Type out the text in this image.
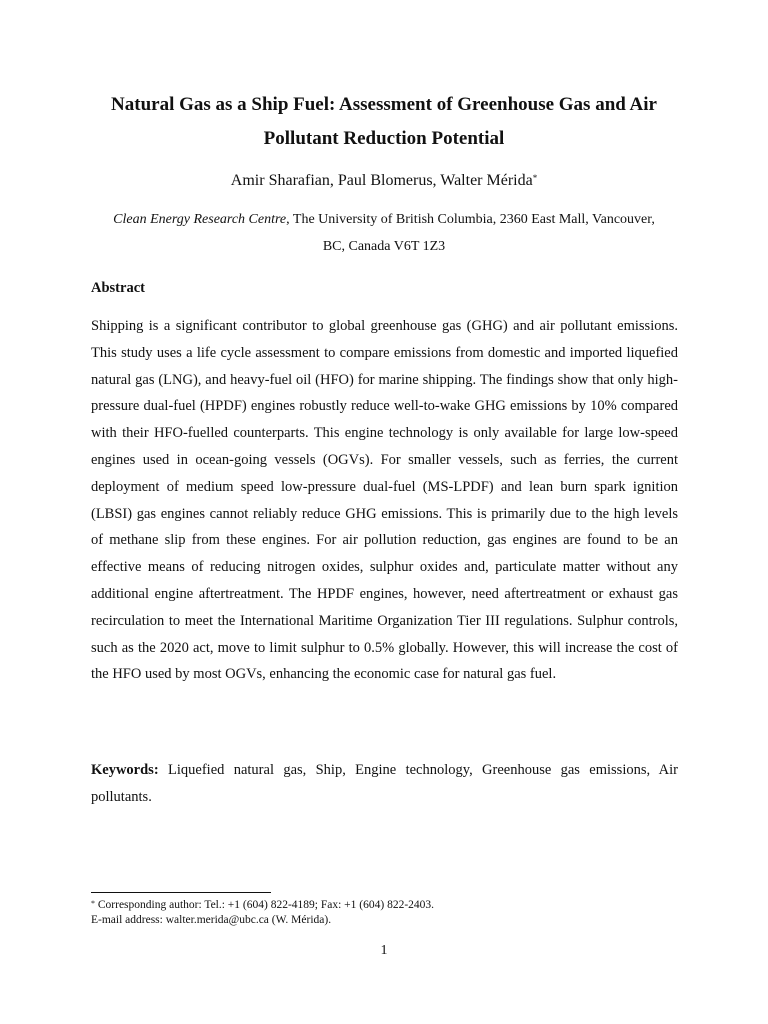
Natural Gas as a Ship Fuel: Assessment of Greenhouse Gas and Air
Pollutant Reduction Potential

Amir Sharafian, Paul Blomerus, Walter Mérida*

Clean Energy Research Centre, The University of British Columbia, 2360 East Mall, Vancouver,
BC, Canada V6T 1Z3

Abstract

Shipping is a significant contributor to global greenhouse gas (GHG) and air pollutant emissions. This study uses a life cycle assessment to compare emissions from domestic and imported liquefied natural gas (LNG), and heavy-fuel oil (HFO) for marine shipping. The findings show that only high-pressure dual-fuel (HPDF) engines robustly reduce well-to-wake GHG emissions by 10% compared with their HFO-fuelled counterparts. This engine technology is only available for large low-speed engines used in ocean-going vessels (OGVs). For smaller vessels, such as ferries, the current deployment of medium speed low-pressure dual-fuel (MS-LPDF) and lean burn spark ignition (LBSI) gas engines cannot reliably reduce GHG emissions. This is primarily due to the high levels of methane slip from these engines. For air pollution reduction, gas engines are found to be an effective means of reducing nitrogen oxides, sulphur oxides and, particulate matter without any additional engine aftertreatment. The HPDF engines, however, need aftertreatment or exhaust gas recirculation to meet the International Maritime Organization Tier III regulations. Sulphur controls, such as the 2020 act, move to limit sulphur to 0.5% globally. However, this will increase the cost of the HFO used by most OGVs, enhancing the economic case for natural gas fuel.

Keywords: Liquefied natural gas, Ship, Engine technology, Greenhouse gas emissions, Air pollutants.

* Corresponding author: Tel.: +1 (604) 822-4189; Fax: +1 (604) 822-2403.
E-mail address: walter.merida@ubc.ca (W. Mérida).

1
